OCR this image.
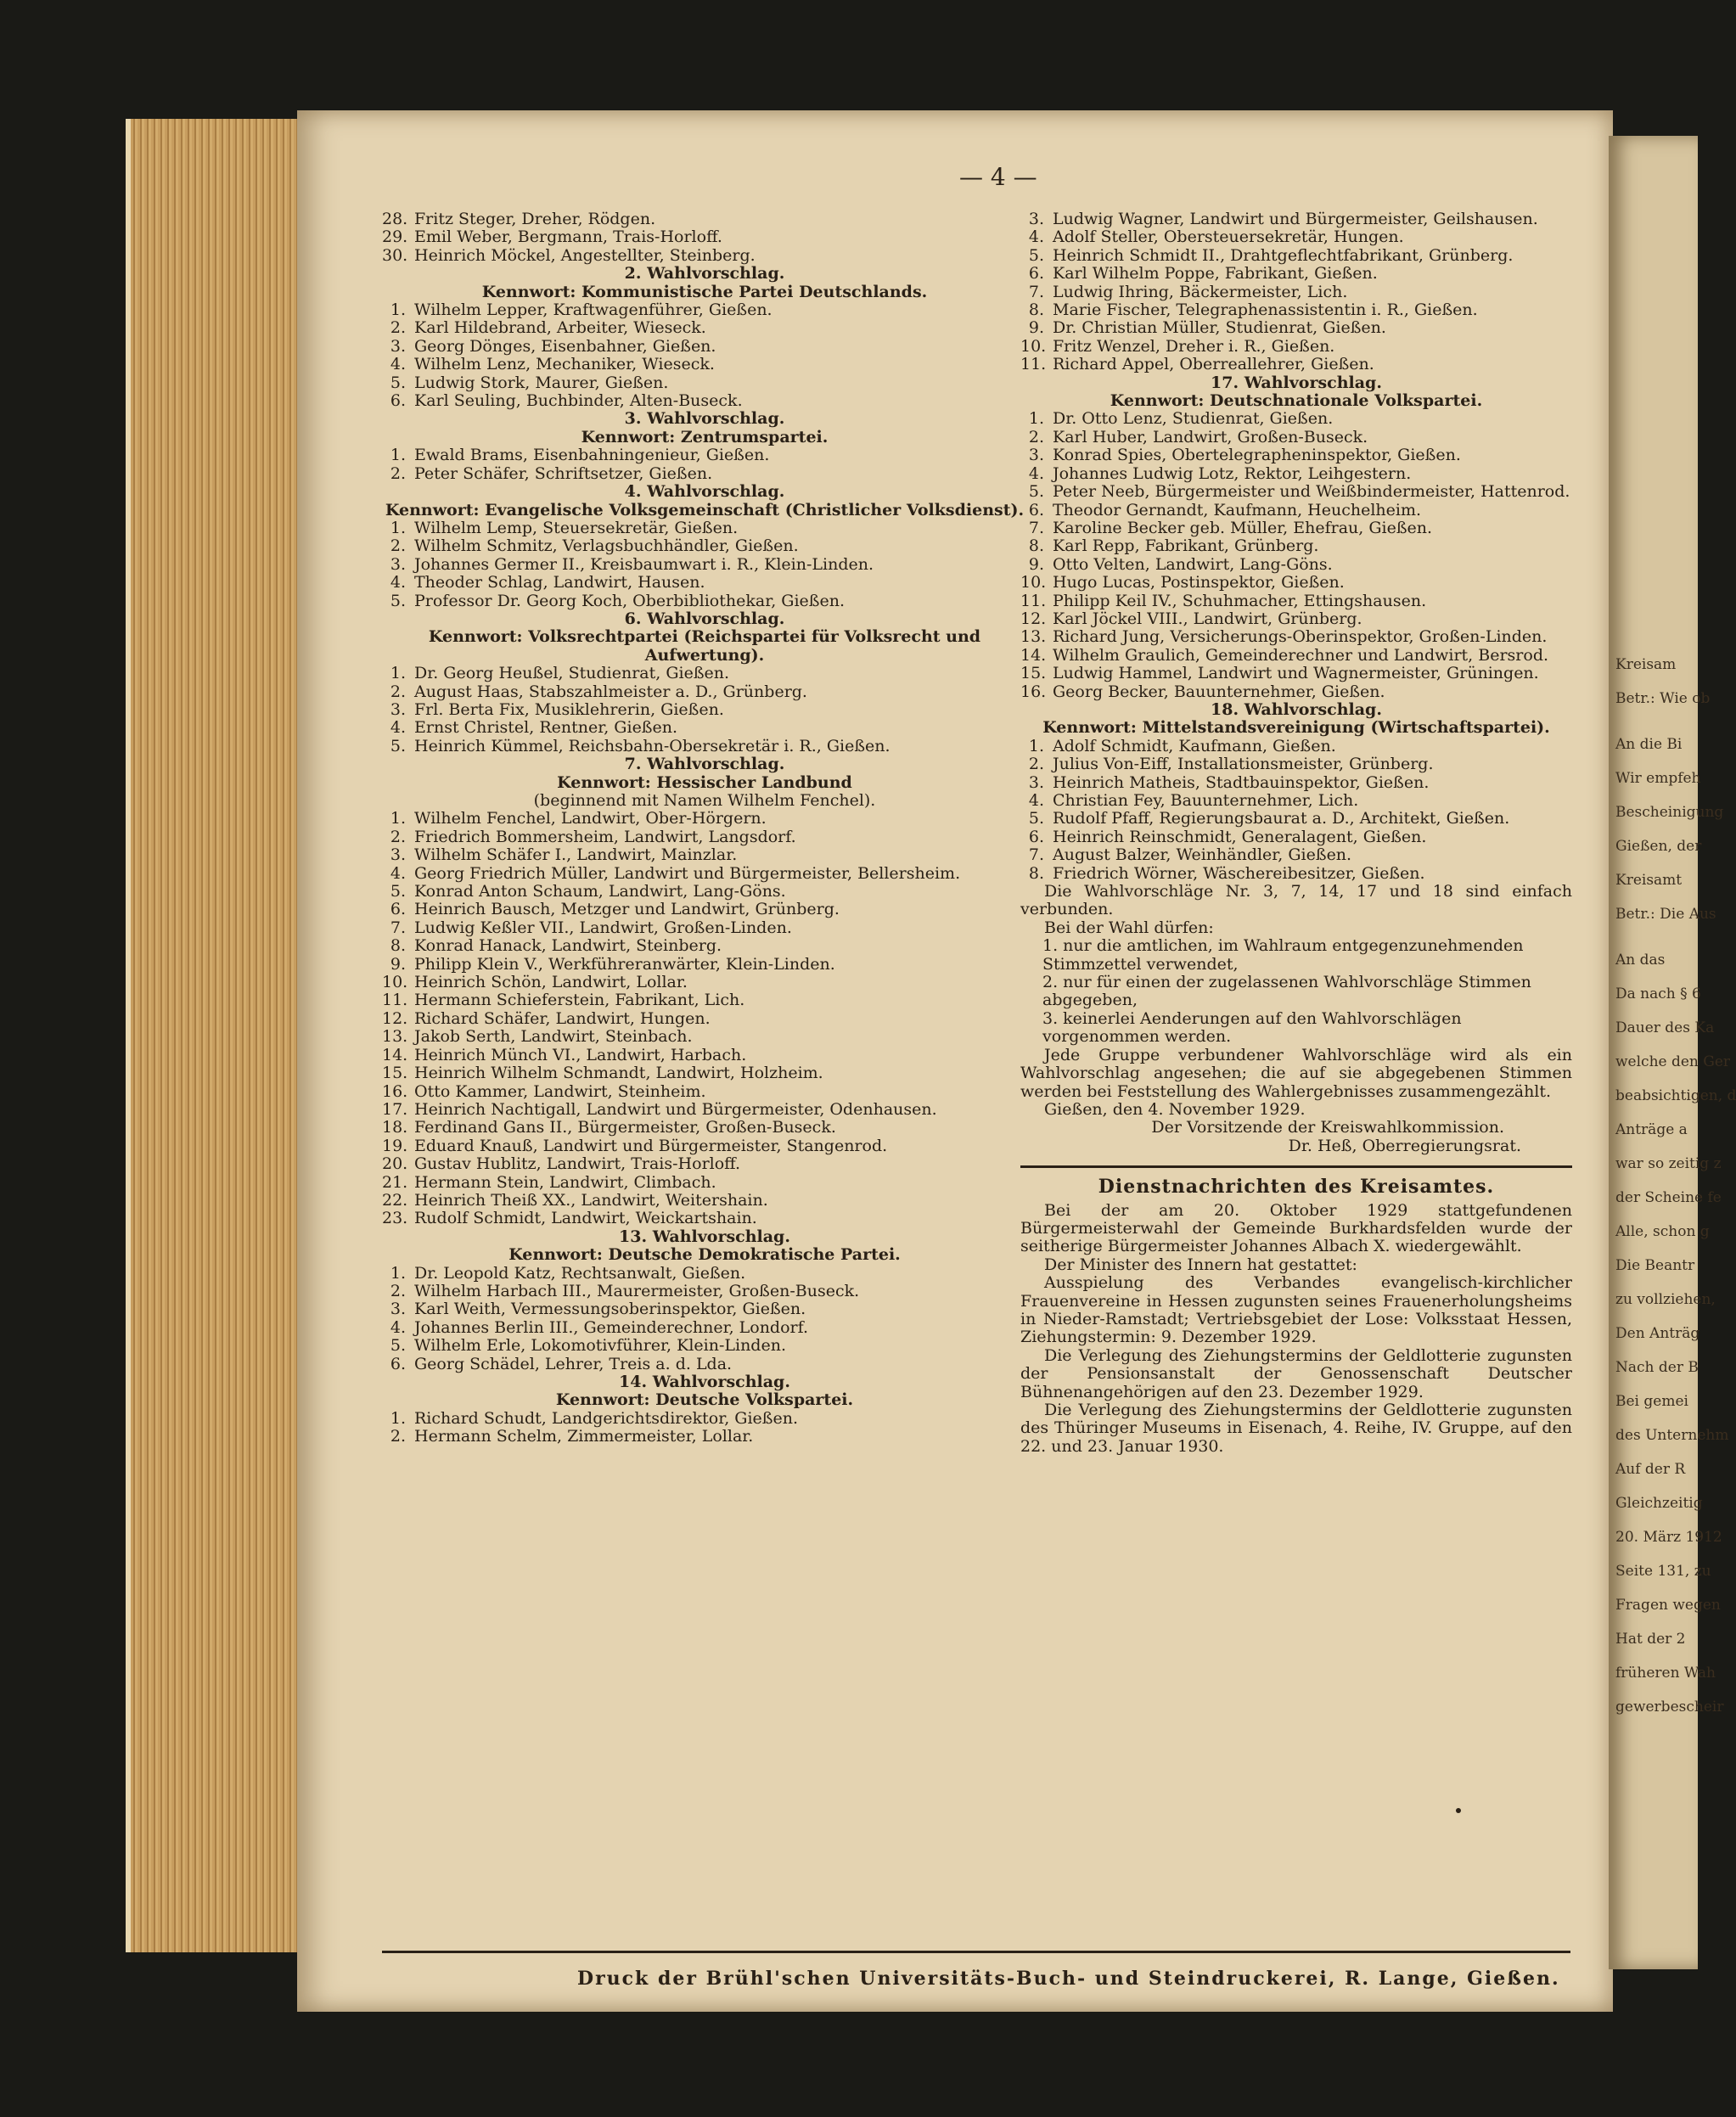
— 4 —
28. Fritz Steger, Dreher, Rödgen.
29. Emil Weber, Bergmann, Trais-Horloff.
30. Heinrich Möckel, Angestellter, Steinberg.
2. Wahlvorschlag.
Kennwort: Kommunistische Partei Deutschlands.
1. Wilhelm Lepper, Kraftwagenführer, Gießen.
2. Karl Hildebrand, Arbeiter, Wieseck.
3. Georg Dönges, Eisenbahner, Gießen.
4. Wilhelm Lenz, Mechaniker, Wieseck.
5. Ludwig Stork, Maurer, Gießen.
6. Karl Seuling, Buchbinder, Alten-Buseck.
3. Wahlvorschlag.
Kennwort: Zentrumspartei.
1. Ewald Brams, Eisenbahningenieur, Gießen.
2. Peter Schäfer, Schriftsetzer, Gießen.
4. Wahlvorschlag.
Kennwort: Evangelische Volksgemeinschaft (Christlicher Volksdienst).
1. Wilhelm Lemp, Steuersekretär, Gießen.
2. Wilhelm Schmitz, Verlagsbuchhändler, Gießen.
3. Johannes Germer II., Kreisbaumwart i. R., Klein-Linden.
4. Theoder Schlag, Landwirt, Hausen.
5. Professor Dr. Georg Koch, Oberbibliothekar, Gießen.
6. Wahlvorschlag.
Kennwort: Volksrechtpartei (Reichspartei für Volksrecht und Aufwertung).
1. Dr. Georg Heußel, Studienrat, Gießen.
2. August Haas, Stabszahlmeister a. D., Grünberg.
3. Frl. Berta Fix, Musiklehrerin, Gießen.
4. Ernst Christel, Rentner, Gießen.
5. Heinrich Kümmel, Reichsbahn-Obersekretär i. R., Gießen.
7. Wahlvorschlag.
Kennwort: Hessischer Landbund
(beginnend mit Namen Wilhelm Fenchel).
1. Wilhelm Fenchel, Landwirt, Ober-Hörgern.
2. Friedrich Bommersheim, Landwirt, Langsdorf.
3. Wilhelm Schäfer I., Landwirt, Mainzlar.
4. Georg Friedrich Müller, Landwirt und Bürgermeister, Bellersheim.
5. Konrad Anton Schaum, Landwirt, Lang-Göns.
6. Heinrich Bausch, Metzger und Landwirt, Grünberg.
7. Ludwig Keßler VII., Landwirt, Großen-Linden.
8. Konrad Hanack, Landwirt, Steinberg.
9. Philipp Klein V., Werkführeranwärter, Klein-Linden.
10. Heinrich Schön, Landwirt, Lollar.
11. Hermann Schieferstein, Fabrikant, Lich.
12. Richard Schäfer, Landwirt, Hungen.
13. Jakob Serth, Landwirt, Steinbach.
14. Heinrich Münch VI., Landwirt, Harbach.
15. Heinrich Wilhelm Schmandt, Landwirt, Holzheim.
16. Otto Kammer, Landwirt, Steinheim.
17. Heinrich Nachtigall, Landwirt und Bürgermeister, Odenhausen.
18. Ferdinand Gans II., Bürgermeister, Großen-Buseck.
19. Eduard Knauß, Landwirt und Bürgermeister, Stangenrod.
20. Gustav Hublitz, Landwirt, Trais-Horloff.
21. Hermann Stein, Landwirt, Climbach.
22. Heinrich Theiß XX., Landwirt, Weitershain.
23. Rudolf Schmidt, Landwirt, Weickartshain.
13. Wahlvorschlag.
Kennwort: Deutsche Demokratische Partei.
1. Dr. Leopold Katz, Rechtsanwalt, Gießen.
2. Wilhelm Harbach III., Maurermeister, Großen-Buseck.
3. Karl Weith, Vermessungsoberinspektor, Gießen.
4. Johannes Berlin III., Gemeinderechner, Londorf.
5. Wilhelm Erle, Lokomotivführer, Klein-Linden.
6. Georg Schädel, Lehrer, Treis a. d. Lda.
14. Wahlvorschlag.
Kennwort: Deutsche Volkspartei.
1. Richard Schudt, Landgerichtsdirektor, Gießen.
2. Hermann Schelm, Zimmermeister, Lollar.
3. Ludwig Wagner, Landwirt und Bürgermeister, Geilshausen.
4. Adolf Steller, Obersteuersekretär, Hungen.
5. Heinrich Schmidt II., Drahtgeflechtfabrikant, Grünberg.
6. Karl Wilhelm Poppe, Fabrikant, Gießen.
7. Ludwig Ihring, Bäckermeister, Lich.
8. Marie Fischer, Telegraphenassistentin i. R., Gießen.
9. Dr. Christian Müller, Studienrat, Gießen.
10. Fritz Wenzel, Dreher i. R., Gießen.
11. Richard Appel, Oberreallehrer, Gießen.
17. Wahlvorschlag.
Kennwort: Deutschnationale Volkspartei.
1. Dr. Otto Lenz, Studienrat, Gießen.
2. Karl Huber, Landwirt, Großen-Buseck.
3. Konrad Spies, Obertelegrapheninspektor, Gießen.
4. Johannes Ludwig Lotz, Rektor, Leihgestern.
5. Peter Neeb, Bürgermeister und Weißbindermeister, Hattenrod.
6. Theodor Gernandt, Kaufmann, Heuchelheim.
7. Karoline Becker geb. Müller, Ehefrau, Gießen.
8. Karl Repp, Fabrikant, Grünberg.
9. Otto Velten, Landwirt, Lang-Göns.
10. Hugo Lucas, Postinspektor, Gießen.
11. Philipp Keil IV., Schuhmacher, Ettingshausen.
12. Karl Jöckel VIII., Landwirt, Grünberg.
13. Richard Jung, Versicherungs-Oberinspektor, Großen-Linden.
14. Wilhelm Graulich, Gemeinderechner und Landwirt, Bersrod.
15. Ludwig Hammel, Landwirt und Wagnermeister, Grüningen.
16. Georg Becker, Bauunternehmer, Gießen.
18. Wahlvorschlag.
Kennwort: Mittelstandsvereinigung (Wirtschaftspartei).
1. Adolf Schmidt, Kaufmann, Gießen.
2. Julius Von-Eiff, Installationsmeister, Grünberg.
3. Heinrich Matheis, Stadtbauinspektor, Gießen.
4. Christian Fey, Bauunternehmer, Lich.
5. Rudolf Pfaff, Regierungsbaurat a. D., Architekt, Gießen.
6. Heinrich Reinschmidt, Generalagent, Gießen.
7. August Balzer, Weinhändler, Gießen.
8. Friedrich Wörner, Wäschereibesitzer, Gießen.
Die Wahlvorschläge Nr. 3, 7, 14, 17 und 18 sind einfach verbunden.
Bei der Wahl dürfen:
1. nur die amtlichen, im Wahlraum entgegenzunehmenden Stimmzettel verwendet,
2. nur für einen der zugelassenen Wahlvorschläge Stimmen abgegeben,
3. keinerlei Aenderungen auf den Wahlvorschlägen vorgenommen werden.
Jede Gruppe verbundener Wahlvorschläge wird als ein Wahlvorschlag angesehen; die auf sie abgegebenen Stimmen werden bei Feststellung des Wahlergebnisses zusammengezählt.
Gießen, den 4. November 1929.
Der Vorsitzende der Kreiswahlkommission.
Dr. Heß, Oberregierungsrat.
Dienstnachrichten des Kreisamtes.
Bei der am 20. Oktober 1929 stattgefundenen Bürgermeisterwahl der Gemeinde Burkhardsfelden wurde der seitherige Bürgermeister Johannes Albach X. wiedergewählt.
Der Minister des Innern hat gestattet:
Ausspielung des Verbandes evangelisch-kirchlicher Frauenvereine in Hessen zugunsten seines Frauenerholungsheims in Nieder-Ramstadt; Vertriebsgebiet der Lose: Volksstaat Hessen, Ziehungstermin: 9. Dezember 1929.
Die Verlegung des Ziehungstermins der Geldlotterie zugunsten der Pensionsanstalt der Genossenschaft Deutscher Bühnenangehörigen auf den 23. Dezember 1929.
Die Verlegung des Ziehungstermins der Geldlotterie zugunsten des Thüringer Museums in Eisenach, 4. Reihe, IV. Gruppe, auf den 22. und 23. Januar 1930.
Druck der Brühl'schen Universitäts-Buch- und Steindruckerei, R. Lange, Gießen.
Kreisam
Betr.: Wie ob
An die Bi
Wir empfeh
Bescheinigung
Gießen, der
Kreisamt
Betr.: Die Aus
An das
Da nach § 6
Dauer des Ka
welche den Ger
beabsichtigen, d
Anträge a
war so zeitig z
der Scheine fe
Alle, schon g
Die Beantr
zu vollziehen,
Den Anträg
Nach der B
Bei gemei
des Unternehm
Auf der R
Gleichzeitig
20. März 1912
Seite 131, zu
Fragen wegen
Hat der 2
früheren Wah
gewerbescheir
